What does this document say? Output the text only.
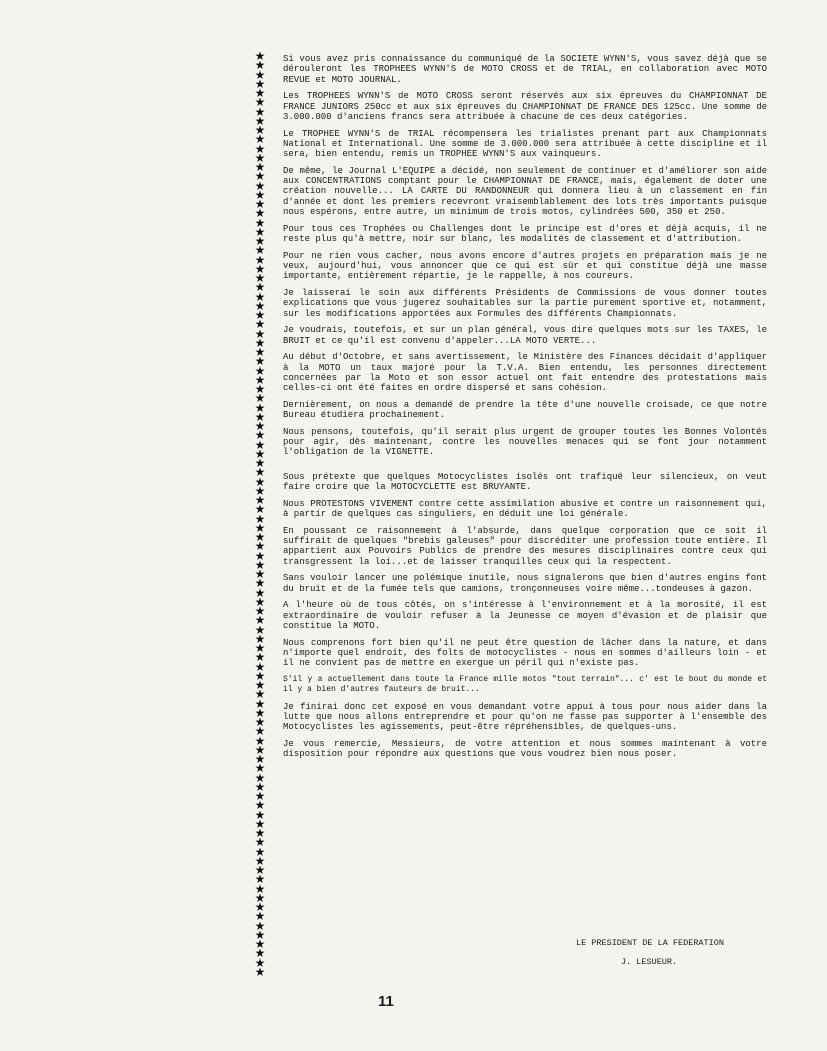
★
★
★
★
★
★
★
★
★
★
★
★
★
★
★
★
★
★
★
★
★
★
★
★
★
★
★
★
★
★
★
★
★
★
★
★
★
★
★
★
★
★
★
★
★
★
★
★
★
★
★
★
★
★
★
★
★
★
★
★
★
★
★
★
★
★
★
★
★
★
★
★
★
★
★
★
★
★
★
★
★
★
★
★
★
★
★
★
★
★
★
★
★
★
★
★
★
★
★
★

Si vous avez pris connaissance du communiqué de la SOCIETE WYNN'S, vous savez déjà que se dérouleront les TROPHEES WYNN'S de MOTO CROSS et de TRIAL, en collaboration avec MOTO REVUE et MOTO JOURNAL.

Les TROPHEES WYNN'S de MOTO CROSS seront réservés aux six épreuves du CHAMPIONNAT DE FRANCE JUNIORS 250cc et aux six épreuves du CHAMPIONNAT DE FRANCE DES 125cc. Une somme de 3.000.000 d'anciens francs sera attribuée à chacune de ces deux catégories.

Le TROPHEE WYNN'S de TRIAL récompensera les trialistes prenant part aux Championnats National et International. Une somme de 3.000.000 sera attribuée à cette discipline et il sera, bien entendu, remis un TROPHEE WYNN'S aux vainqueurs.

De même, le Journal L'EQUIPE a décidé, non seulement de continuer et d'améliorer son aide aux CONCENTRATIONS comptant pour le CHAMPIONNAT DE FRANCE, mais, également de doter une création nouvelle... LA CARTE DU RANDONNEUR qui donnera lieu à un classement en fin d'année et dont les premiers recevront vraisemblablement des lots très importants puisque nous espérons, entre autre, un minimum de trois motos, cylindrées 500, 350 et 250.

Pour tous ces Trophées ou Challenges dont le principe est d'ores et déjà acquis, il ne reste plus qu'à mettre, noir sur blanc, les modalités de classement et d'attribution.

Pour ne rien vous cacher, nous avons encore d'autres projets en préparation mais je ne veux, aujourd'hui, vous annoncer que ce qui est sûr et qui constitue déjà une masse importante, entièrement répartie, je le rappelle, à nos coureurs.

Je laisserai le soin aux différents Présidents de Commissions de vous donner toutes explications que vous jugerez souhaitables sur la partie purement sportive et, notamment, sur les modifications apportées aux Formules des différents Championnats.

Je voudrais, toutefois, et sur un plan général, vous dire quelques mots sur les TAXES, le BRUIT et ce qu'il est convenu d'appeler...LA MOTO VERTE...

Au début d'Octobre, et sans avertissement, le Ministère des Finances décidait d'appliquer à la MOTO un taux majoré pour la T.V.A. Bien entendu, les personnes directement concernées par la Moto et son essor actuel ont fait entendre des protestations mais celles-ci ont été faites en ordre dispersé et sans cohésion.

Dernièrement, on nous a demandé de prendre la tête d'une nouvelle croisade, ce que notre Bureau étudiera prochainement.

Nous pensons, toutefois, qu'il serait plus urgent de grouper toutes les Bonnes Volontés pour agir, dès maintenant, contre les nouvelles menaces qui se font jour notamment l'obligation de la VIGNETTE.

Sous prétexte que quelques Motocyclistes isolés ont trafiqué leur silencieux, on veut faire croire que la MOTOCYCLETTE est BRUYANTE.

Nous PROTESTONS VIVEMENT contre cette assimilation abusive et contre un raisonnement qui, à partir de quelques cas singuliers, en déduit une loi générale.

En poussant ce raisonnement à l'absurde, dans quelque corporation que ce soit il suffirait de quelques "brebis galeuses" pour discréditer une profession toute entière. Il appartient aux Pouvoirs Publics de prendre des mesures disciplinaires contre ceux qui transgressent la loi...et de laisser tranquilles ceux qui la respectent.

Sans vouloir lancer une polémique inutile, nous signalerons que bien d'autres engins font du bruit et de la fumée tels que camions, tronçonneuses voire même...tondeuses à gazon.

A l'heure où de tous côtés, on s'intéresse à l'environnement et à la morosité, il est extraordinaire de vouloir refuser à la Jeunesse ce moyen d'évasion et de plaisir que constitue la MOTO.

Nous comprenons fort bien qu'il ne peut être question de lâcher dans la nature, et dans n'importe quel endroit, des folts de motocyclistes - nous en sommes d'ailleurs loin - et il ne convient pas de mettre en exergue un péril qui n'existe pas.

S'il y a actuellement dans toute la France mille motos "tout terrain"... c' est le bout du monde et il y a bien d'autres fauteurs de bruit...

Je finirai donc cet exposé en vous demandant votre appui à tous pour nous aider dans la lutte que nous allons entreprendre et pour qu'on ne fasse pas supporter à l'ensemble des Motocyclistes les agissements, peut-être répréhensibles, de quelques-uns.

Je vous remercie, Messieurs, de votre attention et nous sommes maintenant à votre disposition pour répondre aux questions que vous voudrez bien nous poser.

LE PRESIDENT DE LA FEDERATION
J. LESUEUR.
11
